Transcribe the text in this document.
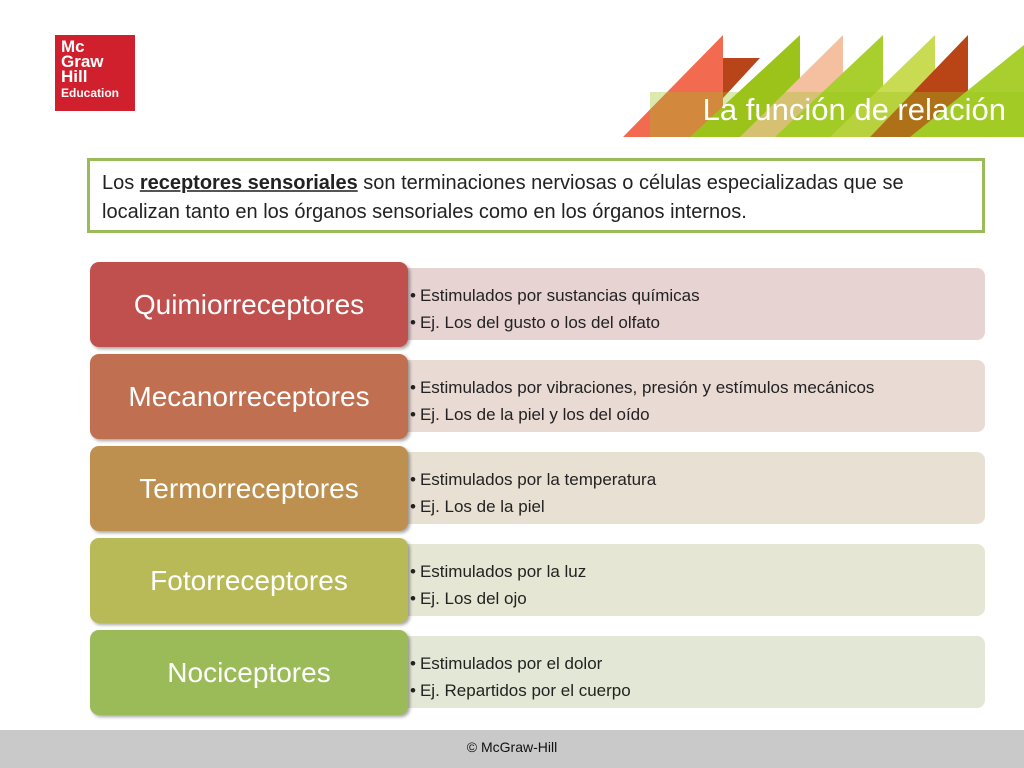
Mc
Graw
Hill
Education	La función de relación
Los receptores sensoriales son terminaciones nerviosas o células especializadas que se localizan tanto en los órganos sensoriales como en los órganos internos.
• Estimulados por sustancias químicas
• Ej. Los del gusto o los del olfato
Quimiorreceptores
• Estimulados por vibraciones, presión y estímulos mecánicos
• Ej. Los de la piel y los del oído
Mecanorreceptores
• Estimulados por la temperatura
• Ej. Los de la piel
Termorreceptores
• Estimulados por la luz
• Ej. Los del ojo
Fotorreceptores
• Estimulados por el dolor
• Ej. Repartidos por el cuerpo
Nociceptores
© McGraw-Hill
